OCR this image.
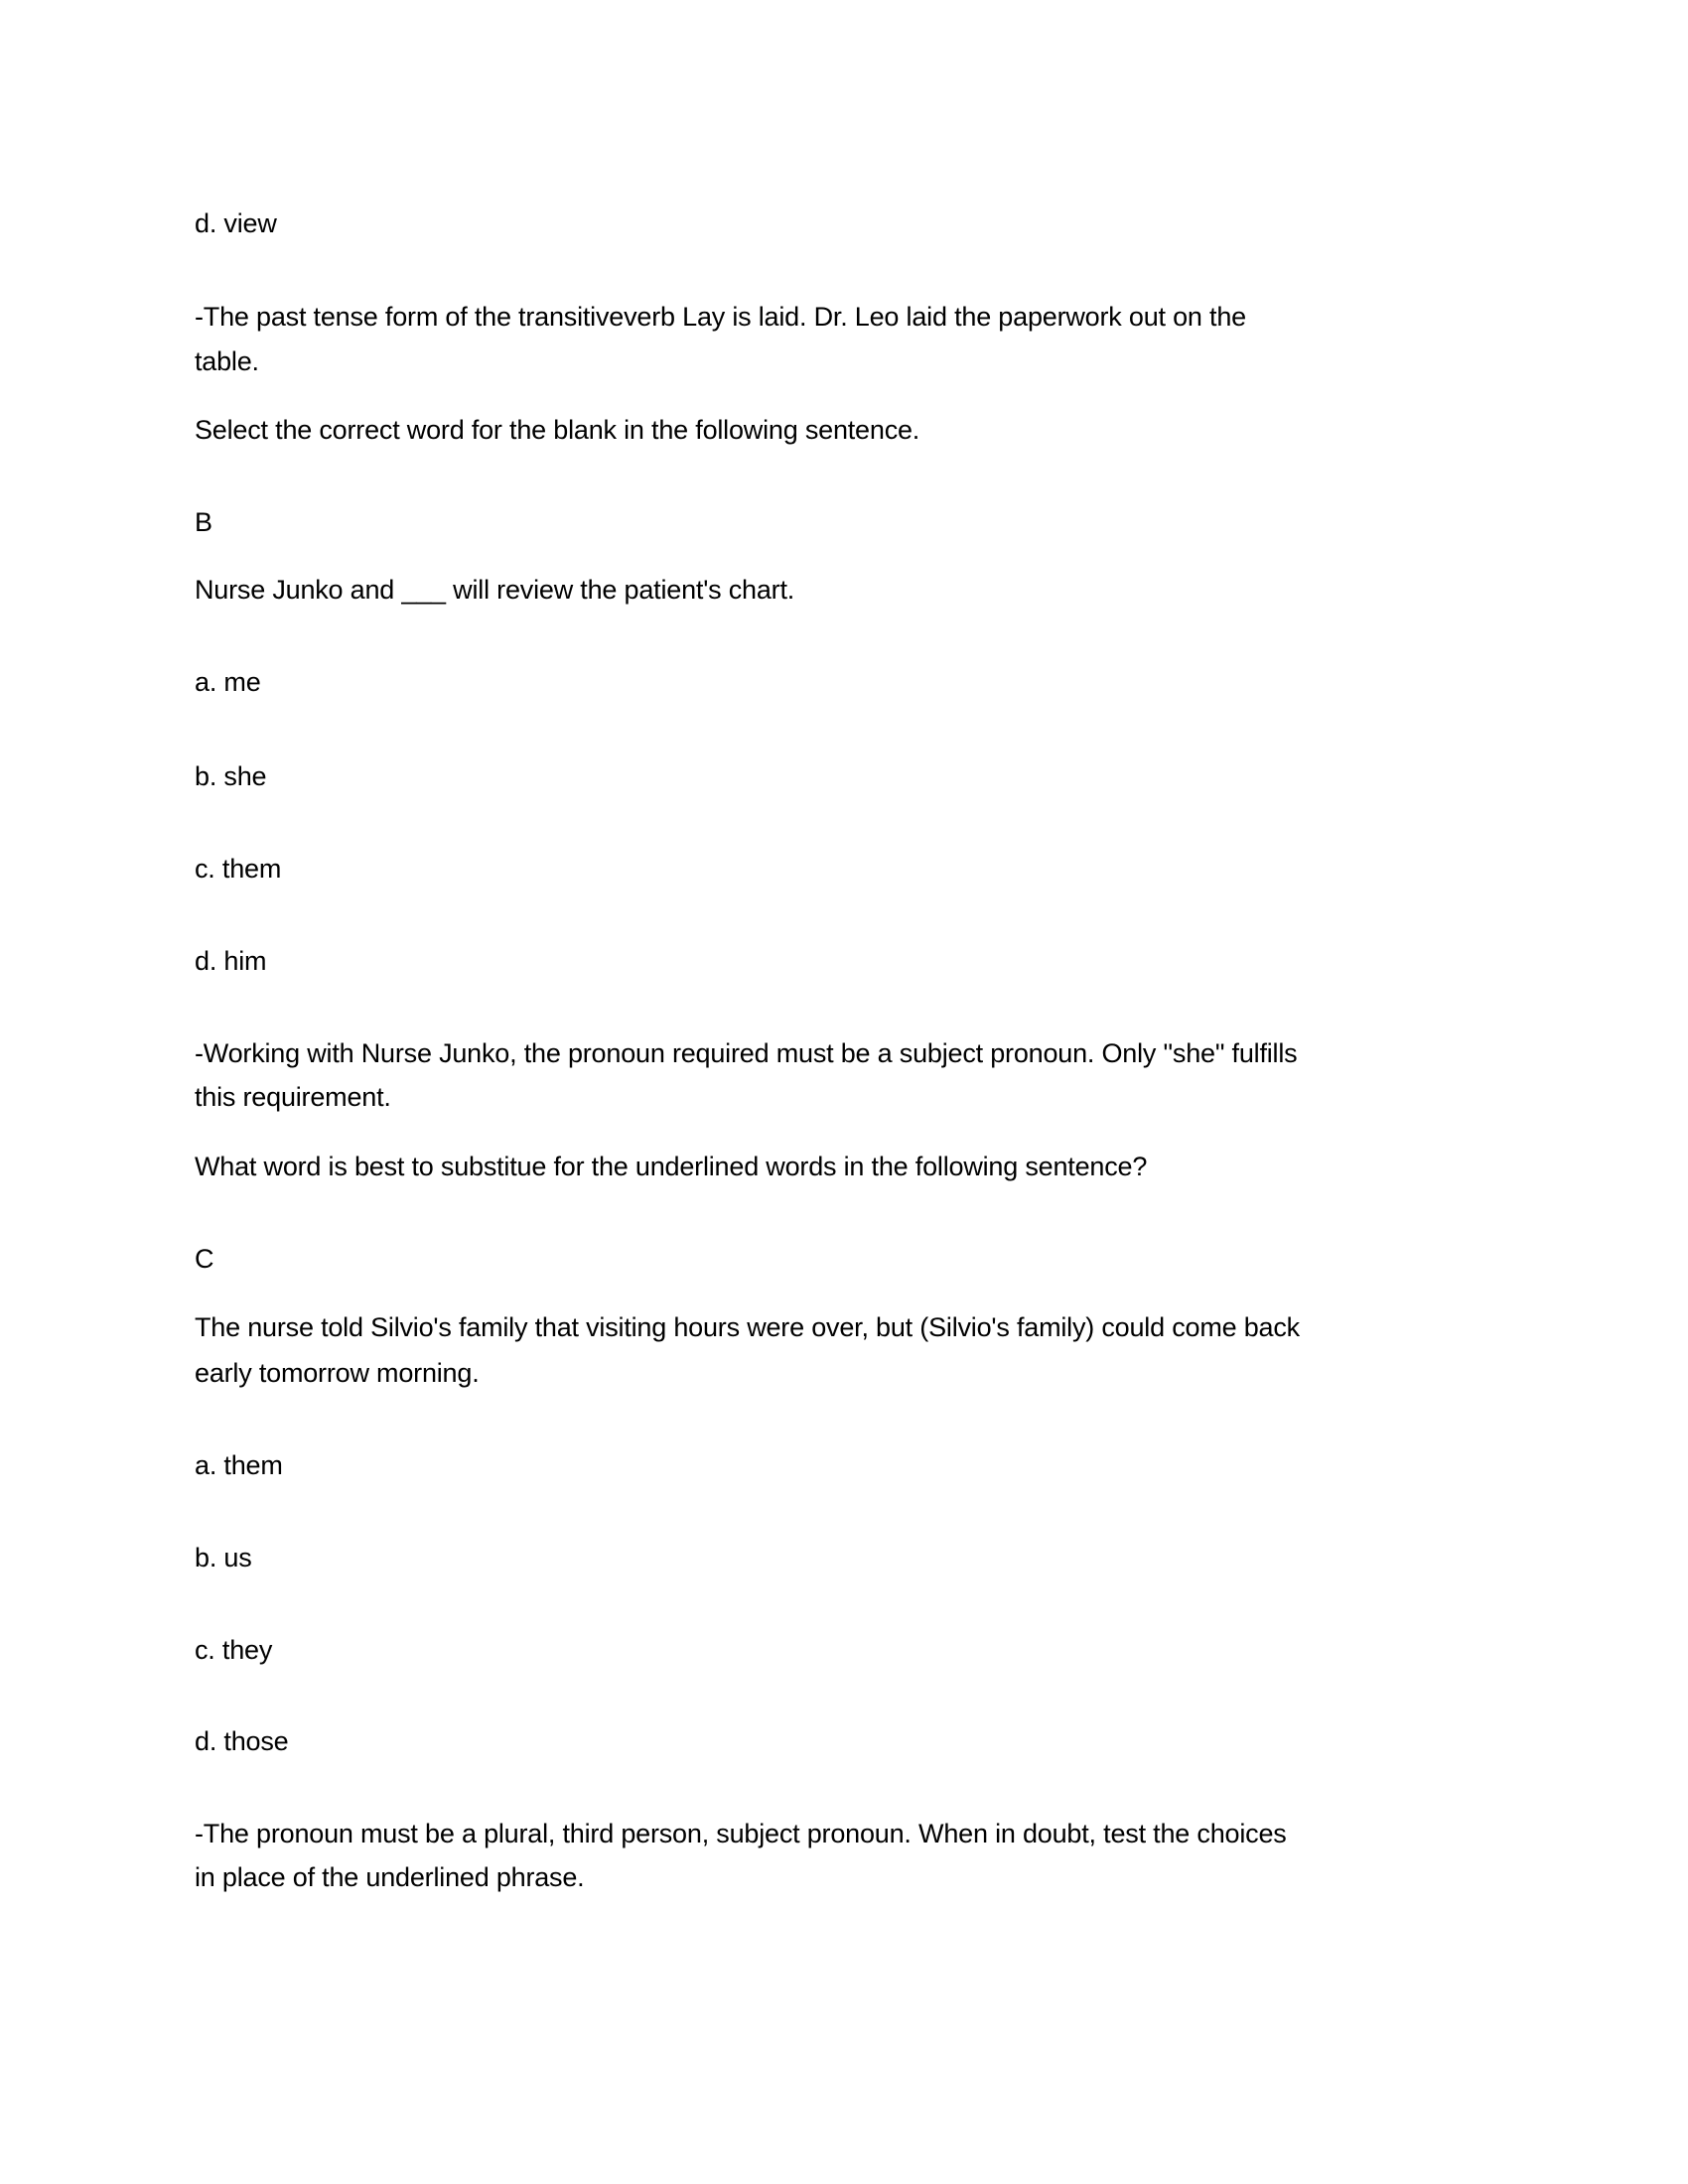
d. view
-The past tense form of the transitiveverb Lay is laid. Dr. Leo laid the paperwork out on the
table.
Select the correct word for the blank in the following sentence.
B
Nurse Junko and ___ will review the patient's chart.
a. me
b. she
c. them
d. him
-Working with Nurse Junko, the pronoun required must be a subject pronoun. Only "she" fulfills
this requirement.
What word is best to substitue for the underlined words in the following sentence?
C
The nurse told Silvio's family that visiting hours were over, but (Silvio's family) could come back
early tomorrow morning.
a. them
b. us
c. they
d. those
-The pronoun must be a plural, third person, subject pronoun. When in doubt, test the choices
in place of the underlined phrase.
